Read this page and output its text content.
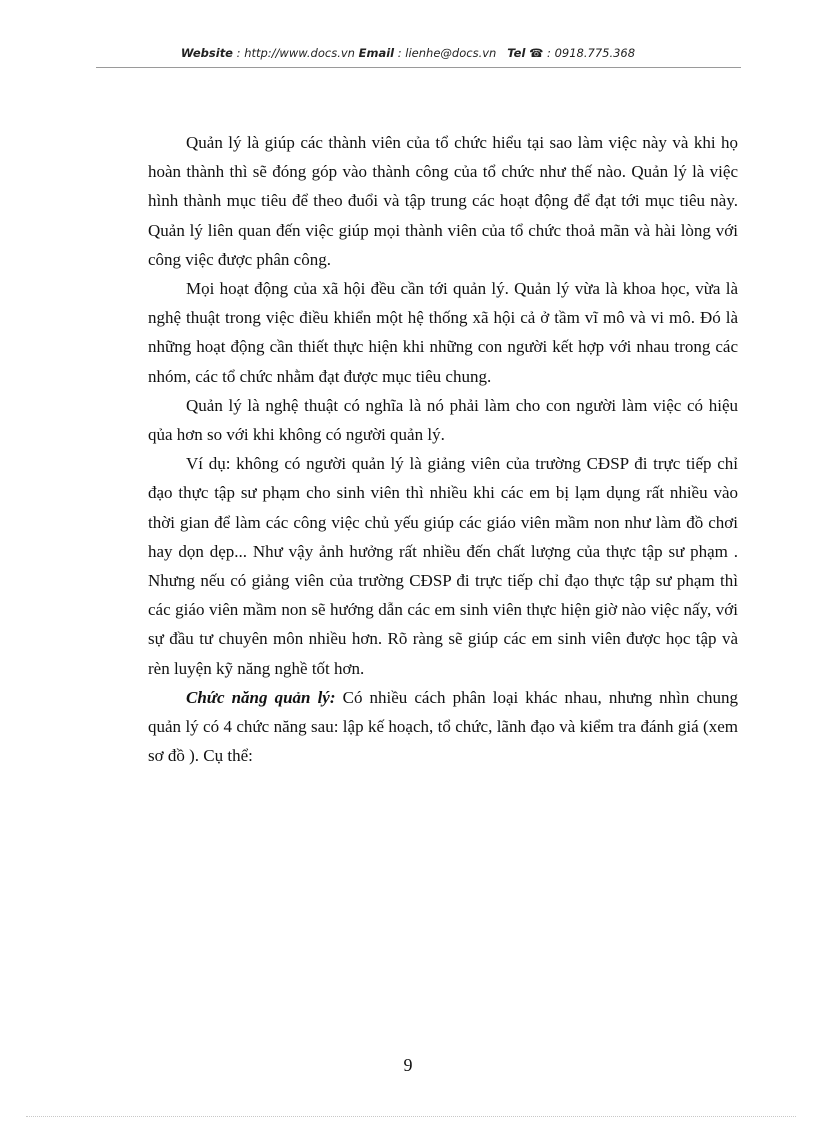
Website : http://www.docs.vn Email : lienhe@docs.vn Tel ☎ : 0918.775.368

Quản lý là giúp các thành viên của tổ chức hiểu tại sao làm việc này và khi họ hoàn thành thì sẽ đóng góp vào thành công của tổ chức như thế nào. Quản lý là việc hình thành mục tiêu để theo đuổi và tập trung các hoạt động để đạt tới mục tiêu này. Quản lý liên quan đến việc giúp mọi thành viên của tổ chức thoả mãn và hài lòng với công việc được phân công.

Mọi hoạt động của xã hội đều cần tới quản lý. Quản lý vừa là khoa học, vừa là nghệ thuật trong việc điều khiển một hệ thống xã hội cả ở tầm vĩ mô và vi mô. Đó là những hoạt động cần thiết thực hiện khi những con người kết hợp với nhau trong các nhóm, các tổ chức nhằm đạt được mục tiêu chung.

Quản lý là nghệ thuật có nghĩa là nó phải làm cho con người làm việc có hiệu qủa hơn so với khi không có người quản lý.

Ví dụ: không có người quản lý là giảng viên của trường CĐSP đi trực tiếp chỉ đạo thực tập sư phạm cho sinh viên thì nhiều khi các em bị lạm dụng rất nhiều vào thời gian để làm các công việc chủ yếu giúp các giáo viên mầm non như làm đồ chơi hay dọn dẹp... Như vậy ảnh hưởng rất nhiều đến chất lượng của thực tập sư phạm . Nhưng nếu có giảng viên của trường CĐSP đi trực tiếp chỉ đạo thực tập sư phạm thì các giáo viên mầm non sẽ hướng dẫn các em sinh viên thực hiện giờ nào việc nấy, với sự đầu tư chuyên môn nhiều hơn. Rõ ràng sẽ giúp các em sinh viên được học tập và rèn luyện kỹ năng nghề tốt hơn.

Chức năng quản lý: Có nhiều cách phân loại khác nhau, nhưng nhìn chung quản lý có 4 chức năng sau: lập kế hoạch, tổ chức, lãnh đạo và kiểm tra đánh giá (xem sơ đồ ). Cụ thể:

9
